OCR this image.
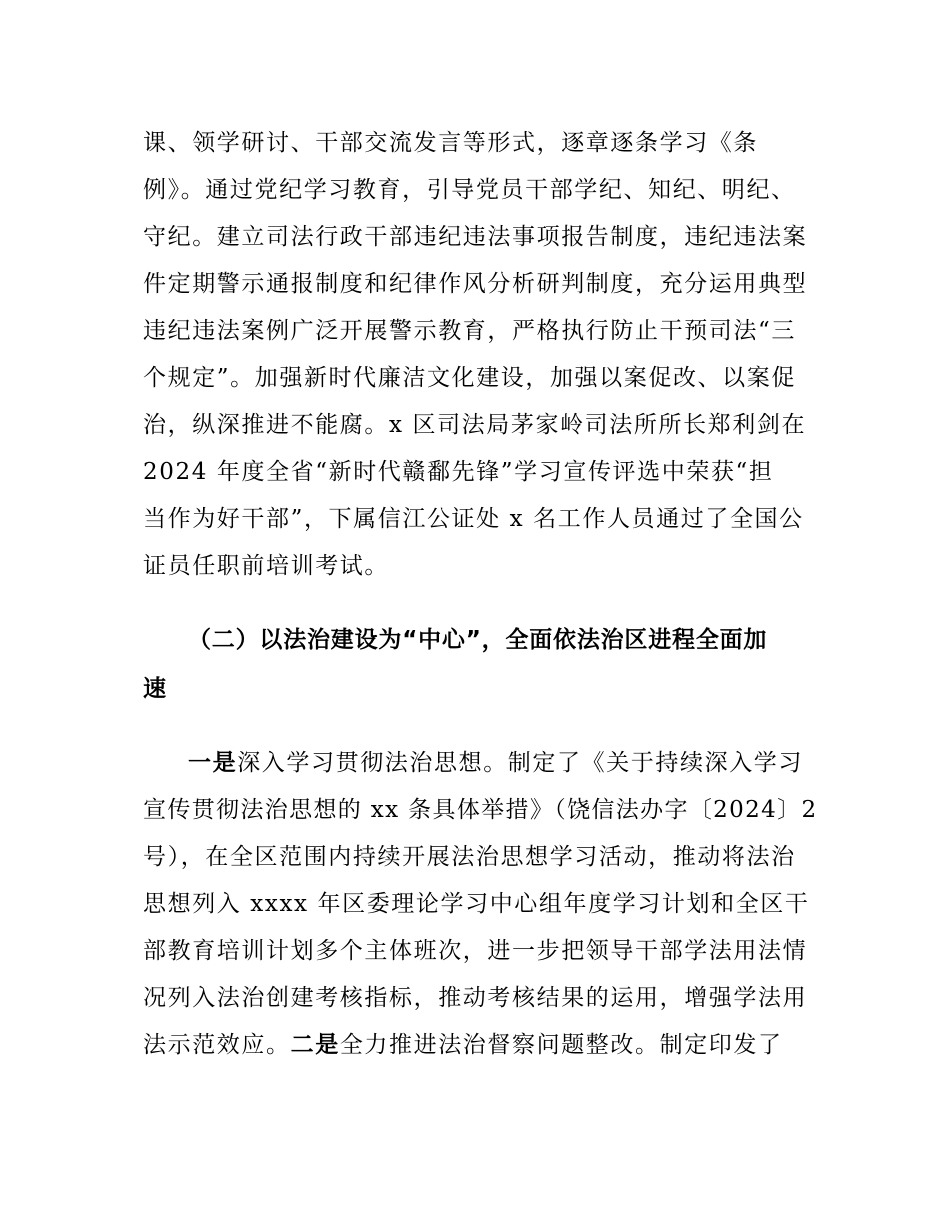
课、领学研讨、干部交流发言等形式，逐章逐条学习《条
例》。通过党纪学习教育，引导党员干部学纪、知纪、明纪、
守纪。建立司法行政干部违纪违法事项报告制度，违纪违法案
件定期警示通报制度和纪律作风分析研判制度，充分运用典型
违纪违法案例广泛开展警示教育，严格执行防止干预司法“三
个规定”。加强新时代廉洁文化建设，加强以案促改、以案促
治，纵深推进不能腐。x 区司法局茅家岭司法所所长郑利剑在
2024 年度全省“新时代赣鄱先锋”学习宣传评选中荣获“担
当作为好干部”，下属信江公证处 x 名工作人员通过了全国公
证员任职前培训考试。
（二）以法治建设为“中心”，全面依法治区进程全面加
速
一是深入学习贯彻法治思想。制定了《关于持续深入学习
宣传贯彻法治思想的 xx 条具体举措》（饶信法办字〔2024〕2
号），在全区范围内持续开展法治思想学习活动，推动将法治
思想列入 xxxx 年区委理论学习中心组年度学习计划和全区干
部教育培训计划多个主体班次，进一步把领导干部学法用法情
况列入法治创建考核指标，推动考核结果的运用，增强学法用
法示范效应。二是全力推进法治督察问题整改。制定印发了
